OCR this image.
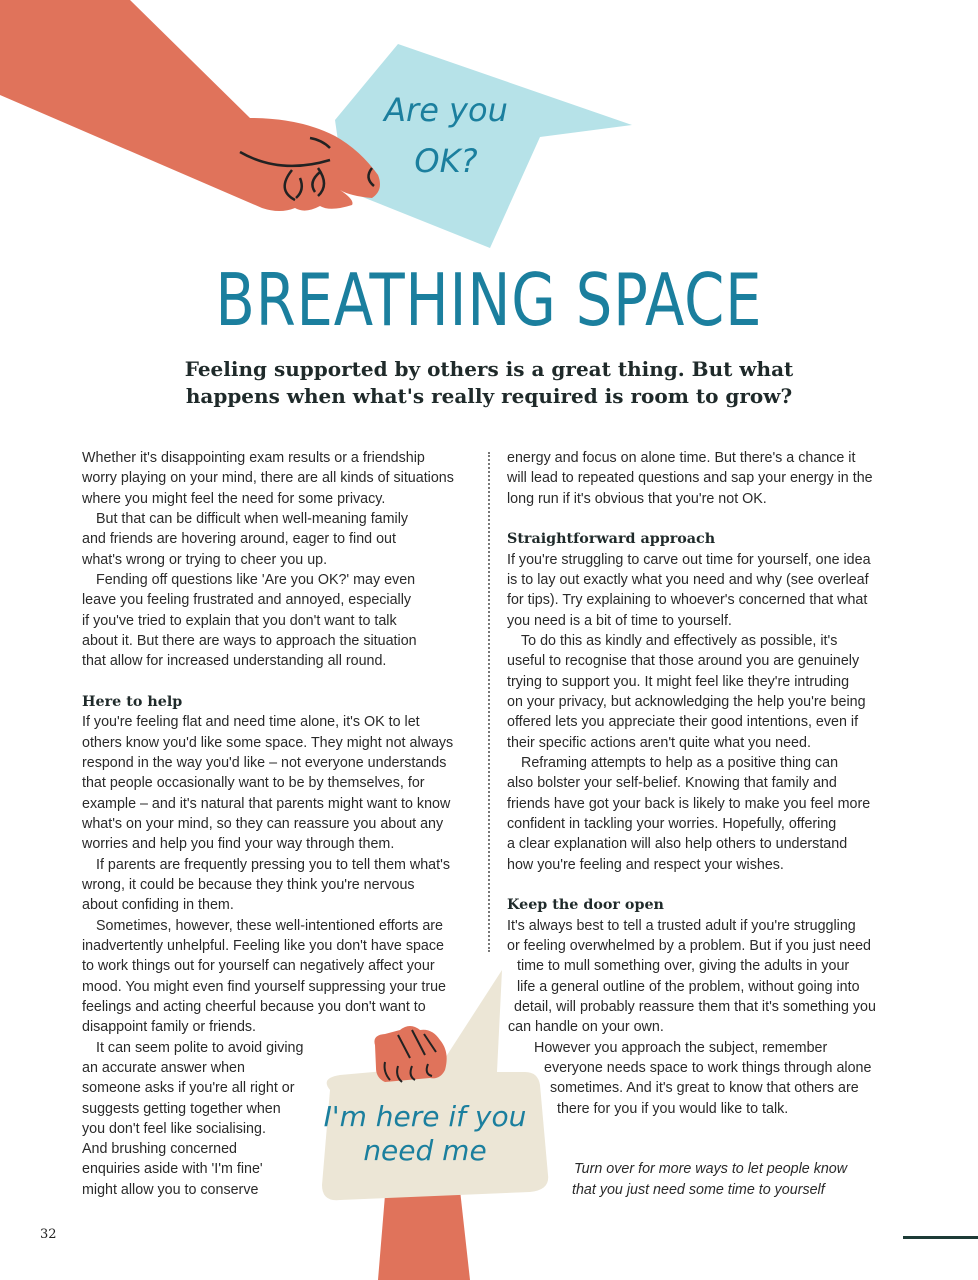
Are you
OK?
I'm here if you
need me
BREATHING SPACE
Feeling supported by others is a great thing. But what
happens when what's really required is room to grow?
Whether it's disappointing exam results or a friendship
worry playing on your mind, there are all kinds of situations
where you might feel the need for some privacy.
But that can be difficult when well-meaning family
and friends are hovering around, eager to find out
what's wrong or trying to cheer you up.
Fending off questions like 'Are you OK?' may even
leave you feeling frustrated and annoyed, especially
if you've tried to explain that you don't want to talk
about it. But there are ways to approach the situation
that allow for increased understanding all round.
Here to help
If you're feeling flat and need time alone, it's OK to let
others know you'd like some space. They might not always
respond in the way you'd like – not everyone understands
that people occasionally want to be by themselves, for
example – and it's natural that parents might want to know
what's on your mind, so they can reassure you about any
worries and help you find your way through them.
If parents are frequently pressing you to tell them what's
wrong, it could be because they think you're nervous
about confiding in them.
Sometimes, however, these well-intentioned efforts are
inadvertently unhelpful. Feeling like you don't have space
to work things out for yourself can negatively affect your
mood. You might even find yourself suppressing your true
feelings and acting cheerful because you don't want to
disappoint family or friends.
It can seem polite to avoid giving
an accurate answer when
someone asks if you're all right or
suggests getting together when
you don't feel like socialising.
And brushing concerned
enquiries aside with 'I'm fine'
might allow you to conserve
energy and focus on alone time. But there's a chance it
will lead to repeated questions and sap your energy in the
long run if it's obvious that you're not OK.
Straightforward approach
If you're struggling to carve out time for yourself, one idea
is to lay out exactly what you need and why (see overleaf
for tips). Try explaining to whoever's concerned that what
you need is a bit of time to yourself.
To do this as kindly and effectively as possible, it's
useful to recognise that those around you are genuinely
trying to support you. It might feel like they're intruding
on your privacy, but acknowledging the help you're being
offered lets you appreciate their good intentions, even if
their specific actions aren't quite what you need.
Reframing attempts to help as a positive thing can
also bolster your self-belief. Knowing that family and
friends have got your back is likely to make you feel more
confident in tackling your worries. Hopefully, offering
a clear explanation will also help others to understand
how you're feeling and respect your wishes.
Keep the door open
It's always best to tell a trusted adult if you're struggling
or feeling overwhelmed by a problem. But if you just need
time to mull something over, giving the adults in your
life a general outline of the problem, without going into
detail, will probably reassure them that it's something you
can handle on your own.
However you approach the subject, remember
everyone needs space to work things through alone
sometimes. And it's great to know that others are
there for you if you would like to talk.
Turn over for more ways to let people know
that you just need some time to yourself
32
